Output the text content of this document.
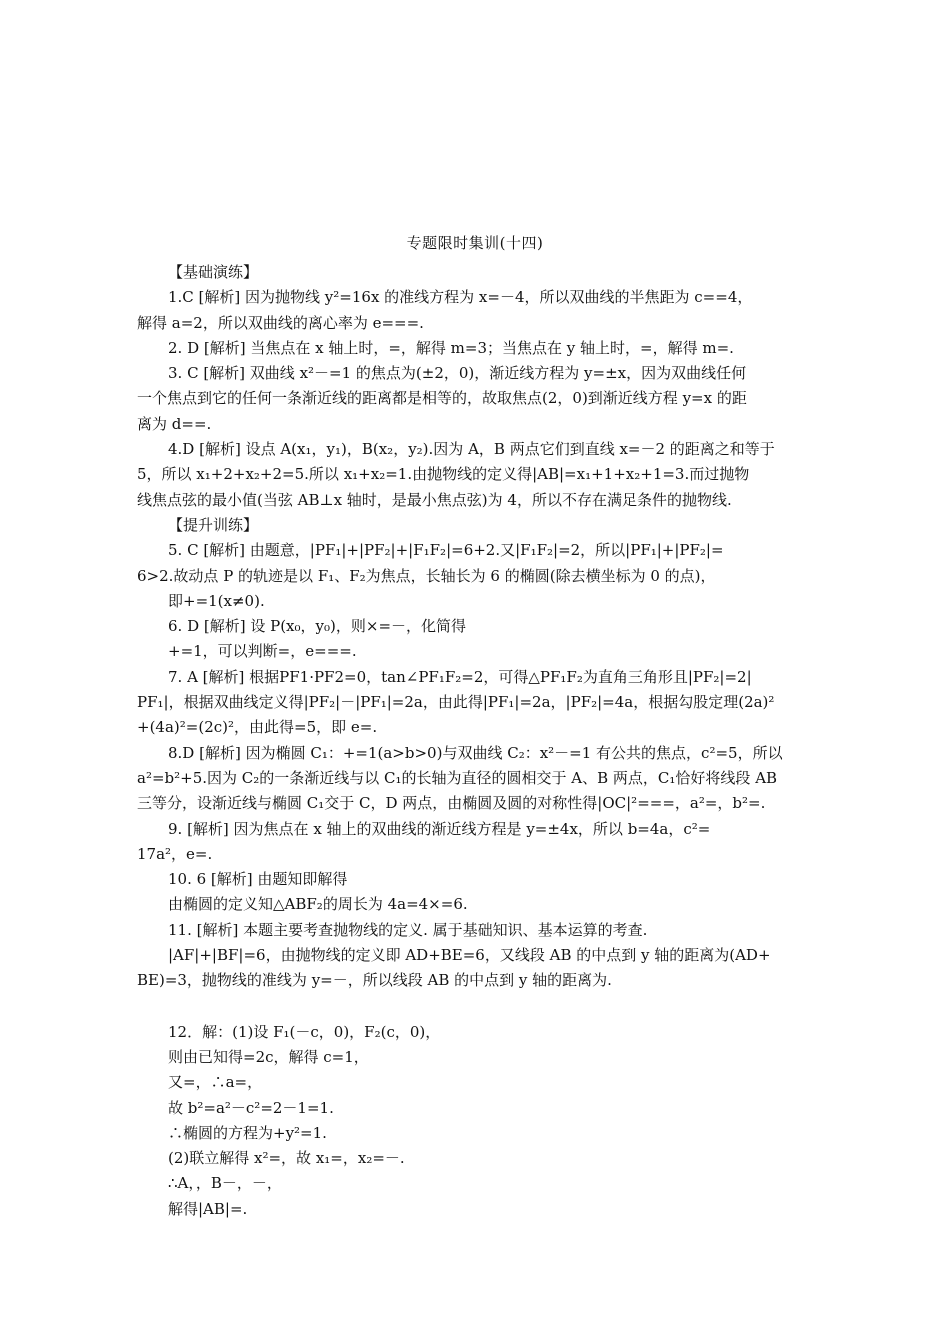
专题限时集训(十四)
【基础演练】
1.C [解析] 因为抛物线 y²=16x 的准线方程为 x=－4，所以双曲线的半焦距为 c==4，
解得 a=2，所以双曲线的离心率为 e===.
2. D [解析] 当焦点在 x 轴上时，=，解得 m=3；当焦点在 y 轴上时，=，解得 m=.
3. C [解析] 双曲线 x²－=1 的焦点为(±2，0)，渐近线方程为 y=±x，因为双曲线任何
一个焦点到它的任何一条渐近线的距离都是相等的，故取焦点(2，0)到渐近线方程 y=x 的距
离为 d==.
4.D [解析] 设点 A(x₁，y₁)，B(x₂，y₂).因为 A，B 两点它们到直线 x=－2 的距离之和等于
5，所以 x₁+2+x₂+2=5.所以 x₁+x₂=1.由抛物线的定义得|AB|=x₁+1+x₂+1=3.而过抛物
线焦点弦的最小值(当弦 AB⊥x 轴时，是最小焦点弦)为 4，所以不存在满足条件的抛物线.
【提升训练】
5. C [解析] 由题意，|PF₁|+|PF₂|+|F₁F₂|=6+2.又|F₁F₂|=2，所以|PF₁|+|PF₂|=
6>2.故动点 P 的轨迹是以 F₁、F₂为焦点，长轴长为 6 的椭圆(除去横坐标为 0 的点)，
即+=1(x≠0).
6. D [解析] 设 P(x₀，y₀)，则×=－，化简得
+=1，可以判断=，e===.
7. A [解析] 根据PF1·PF2=0，tan∠PF₁F₂=2，可得△PF₁F₂为直角三角形且|PF₂|=2|
PF₁|，根据双曲线定义得|PF₂|－|PF₁|=2a，由此得|PF₁|=2a，|PF₂|=4a，根据勾股定理(2a)²
+(4a)²=(2c)²，由此得=5，即 e=.
8.D [解析] 因为椭圆 C₁：+=1(a>b>0)与双曲线 C₂：x²－=1 有公共的焦点，c²=5，所以
a²=b²+5.因为 C₂的一条渐近线与以 C₁的长轴为直径的圆相交于 A、B 两点，C₁恰好将线段 AB
三等分，设渐近线与椭圆 C₁交于 C，D 两点，由椭圆及圆的对称性得|OC|²===，a²=，b²=.
9. [解析] 因为焦点在 x 轴上的双曲线的渐近线方程是 y=±4x，所以 b=4a，c²=
17a²，e=.
10. 6 [解析] 由题知即解得
由椭圆的定义知△ABF₂的周长为 4a=4×=6.
11. [解析] 本题主要考查抛物线的定义. 属于基础知识、基本运算的考查.
|AF|+|BF|=6，由抛物线的定义即 AD+BE=6，又线段 AB 的中点到 y 轴的距离为(AD+
BE)=3，抛物线的准线为 y=－，所以线段 AB 的中点到 y 轴的距离为.
12．解：(1)设 F₁(－c，0)，F₂(c，0)，
则由已知得=2c，解得 c=1，
又=，∴a=，
故 b²=a²－c²=2－1=1.
∴椭圆的方程为+y²=1.
(2)联立解得 x²=，故 x₁=，x₂=－.
∴A，，B－，－，
解得|AB|=.
